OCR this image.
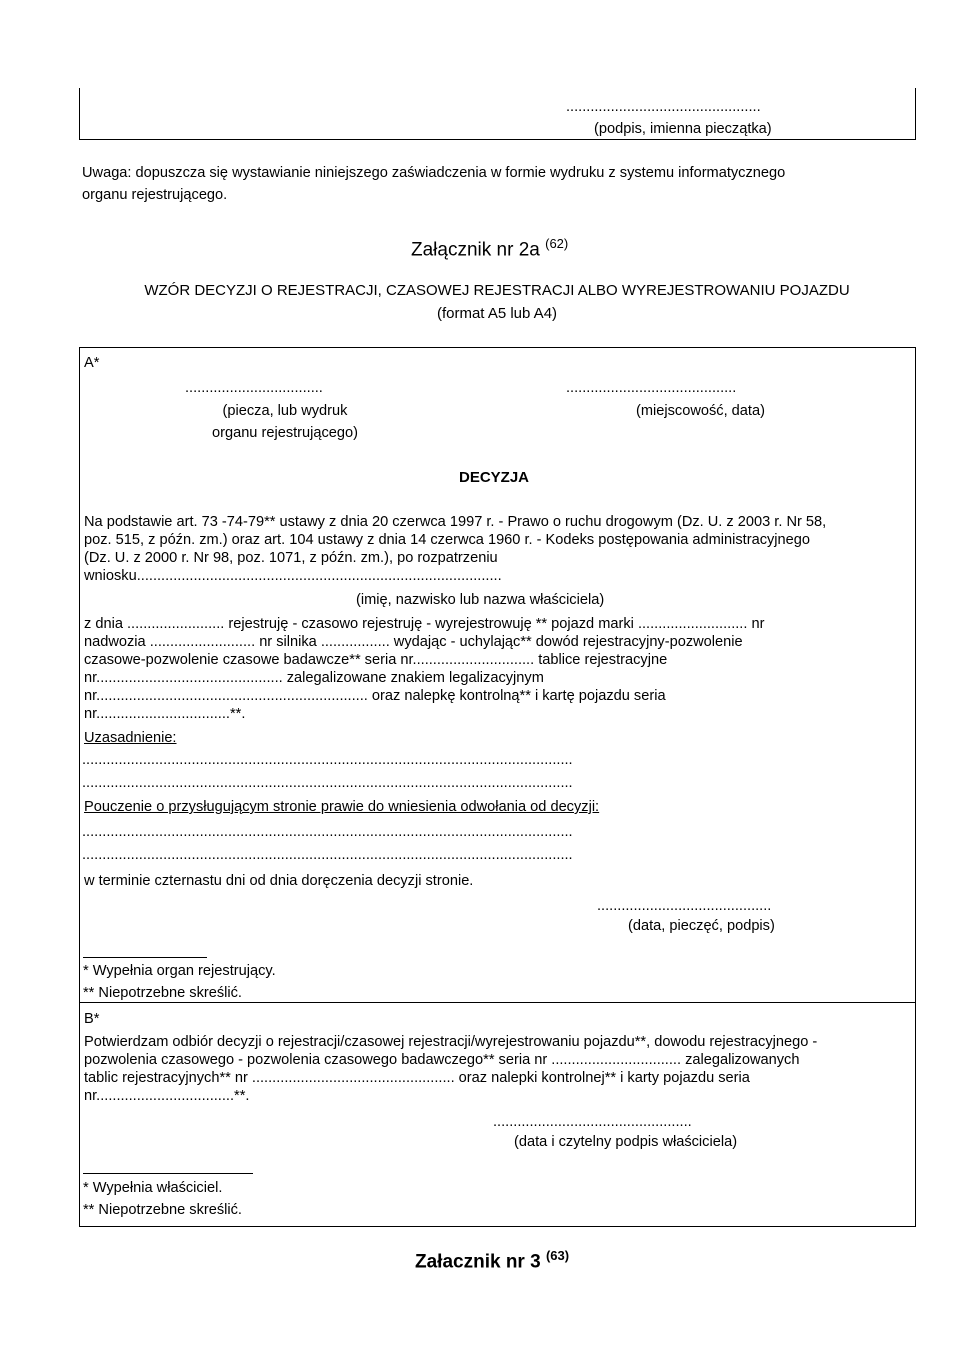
................................................
(podpis, imienna pieczątka)
Uwaga: dopuszcza się wystawianie niniejszego zaświadczenia w formie wydruku z systemu informatycznego
organu rejestrującego.
Załącznik nr 2a $^{(62)}$
WZÓR DECYZJI O REJESTRACJI, CZASOWEJ REJESTRACJI ALBO WYREJESTROWANIU POJAZDU
(format A5 lub A4)
A*
..................................
(piecza, lub wydruk
organu rejestrującego)
..........................................
(miejscowość, data)
DECYZJA
Na podstawie art. 73 -74-79** ustawy z dnia 20 czerwca 1997 r. - Prawo o ruchu drogowym (Dz. U. z 2003 r. Nr 58,
poz. 515, z późn. zm.) oraz art. 104 ustawy z dnia 14 czerwca 1960 r. - Kodeks postępowania administracyjnego
(Dz. U. z 2000 r. Nr 98, poz. 1071, z późn. zm.), po rozpatrzeniu
wniosku..........................................................................................
(imię, nazwisko lub nazwa właściciela)
z dnia ........................ rejestruję - czasowo rejestruję - wyrejestrowuję ** pojazd marki ........................... nr
nadwozia .......................... nr silnika ................. wydając - uchylając** dowód rejestracyjny-pozwolenie
czasowe-pozwolenie czasowe badawcze** seria nr.............................. tablice rejestracyjne
nr.............................................. zalegalizowane znakiem legalizacyjnym
nr................................................................... oraz nalepkę kontrolną** i kartę pojazdu seria
nr.................................**.
Uzasadnienie:
.........................................................................................................................
.........................................................................................................................
Pouczenie o przysługującym stronie prawie do wniesienia odwołania od decyzji:
.........................................................................................................................
.........................................................................................................................
w terminie czternastu dni od dnia doręczenia decyzji stronie.
...........................................
(data, pieczęć, podpis)
* Wypełnia organ rejestrujący.
** Niepotrzebne skreślić.
B*
Potwierdzam odbiór decyzji o rejestracji/czasowej rejestracji/wyrejestrowaniu pojazdu**, dowodu rejestracyjnego -
pozwolenia czasowego - pozwolenia czasowego badawczego** seria nr ................................ zalegalizowanych
tablic rejestracyjnych** nr .................................................. oraz nalepki kontrolnej** i karty pojazdu seria
nr..................................**.
.................................................
(data i czytelny podpis właściciela)
* Wypełnia właściciel.
** Niepotrzebne skreślić.
Załacznik nr 3 $^{(63)}$
